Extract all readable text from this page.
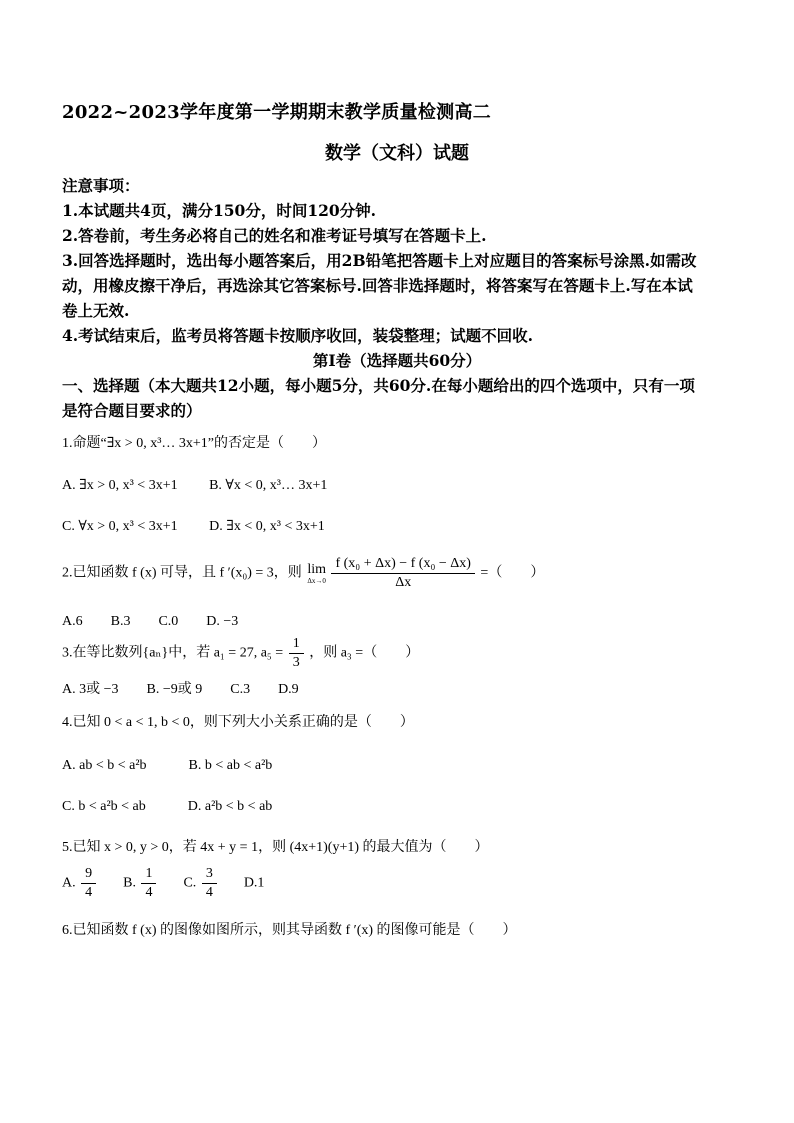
2022~2023学年度第一学期期末教学质量检测高二
数学（文科）试题
注意事项：
1.本试题共4页，满分150分，时间120分钟.
2.答卷前，考生务必将自己的姓名和准考证号填写在答题卡上.
3.回答选择题时，选出每小题答案后，用2B铅笔把答题卡上对应题目的答案标号涂黑.如需改
动，用橡皮擦干净后，再选涂其它答案标号.回答非选择题时，将答案写在答题卡上.写在本试
卷上无效.
4.考试结束后，监考员将答题卡按顺序收回，装袋整理；试题不回收.
第Ⅰ卷（选择题共60分）
一、选择题（本大题共12小题，每小题5分，共60分.在每小题给出的四个选项中，只有一项
是符合题目要求的）
1.命题“∃x > 0, x³… 3x+1”的否定是（　　）
A. ∃x > 0, x³ < 3x+1　　 B. ∀x < 0, x³… 3x+1
C. ∀x > 0, x³ < 3x+1　　 D. ∃x < 0, x³ < 3x+1
2.已知函数 f (x) 可导，且 f ′(x₀) = 3，则 lim
Δx→0
$\frac{\text{f (x₀ + Δx) − f (x₀ − Δx)}}{\Delta x}$ =（　　）
A.6　　B.3　　C.0　　D. −3
3.在等比数列{aₙ}中，若 a₁ = 27, $a_5 = \frac{1}{3}$ ，则 a₃ =（　　）
A. 3或 −3　　B. −9或 9　　C.3　　D.9
4.已知 0 < a < 1, b < 0，则下列大小关系正确的是（　　）
A. ab < b < a²b　　　B. b < ab < a²b
C. b < a²b < ab　　　D. a²b < b < ab
5.已知 x > 0, y > 0，若 4x + y = 1，则 (4x+1)(y+1) 的最大值为（　　）
A. $\frac{9}{4} B$. $\frac{1}{4} C$. $\frac{3}{4} D.1$
6.已知函数 f (x) 的图像如图所示，则其导函数 f ′(x) 的图像可能是（　　）
